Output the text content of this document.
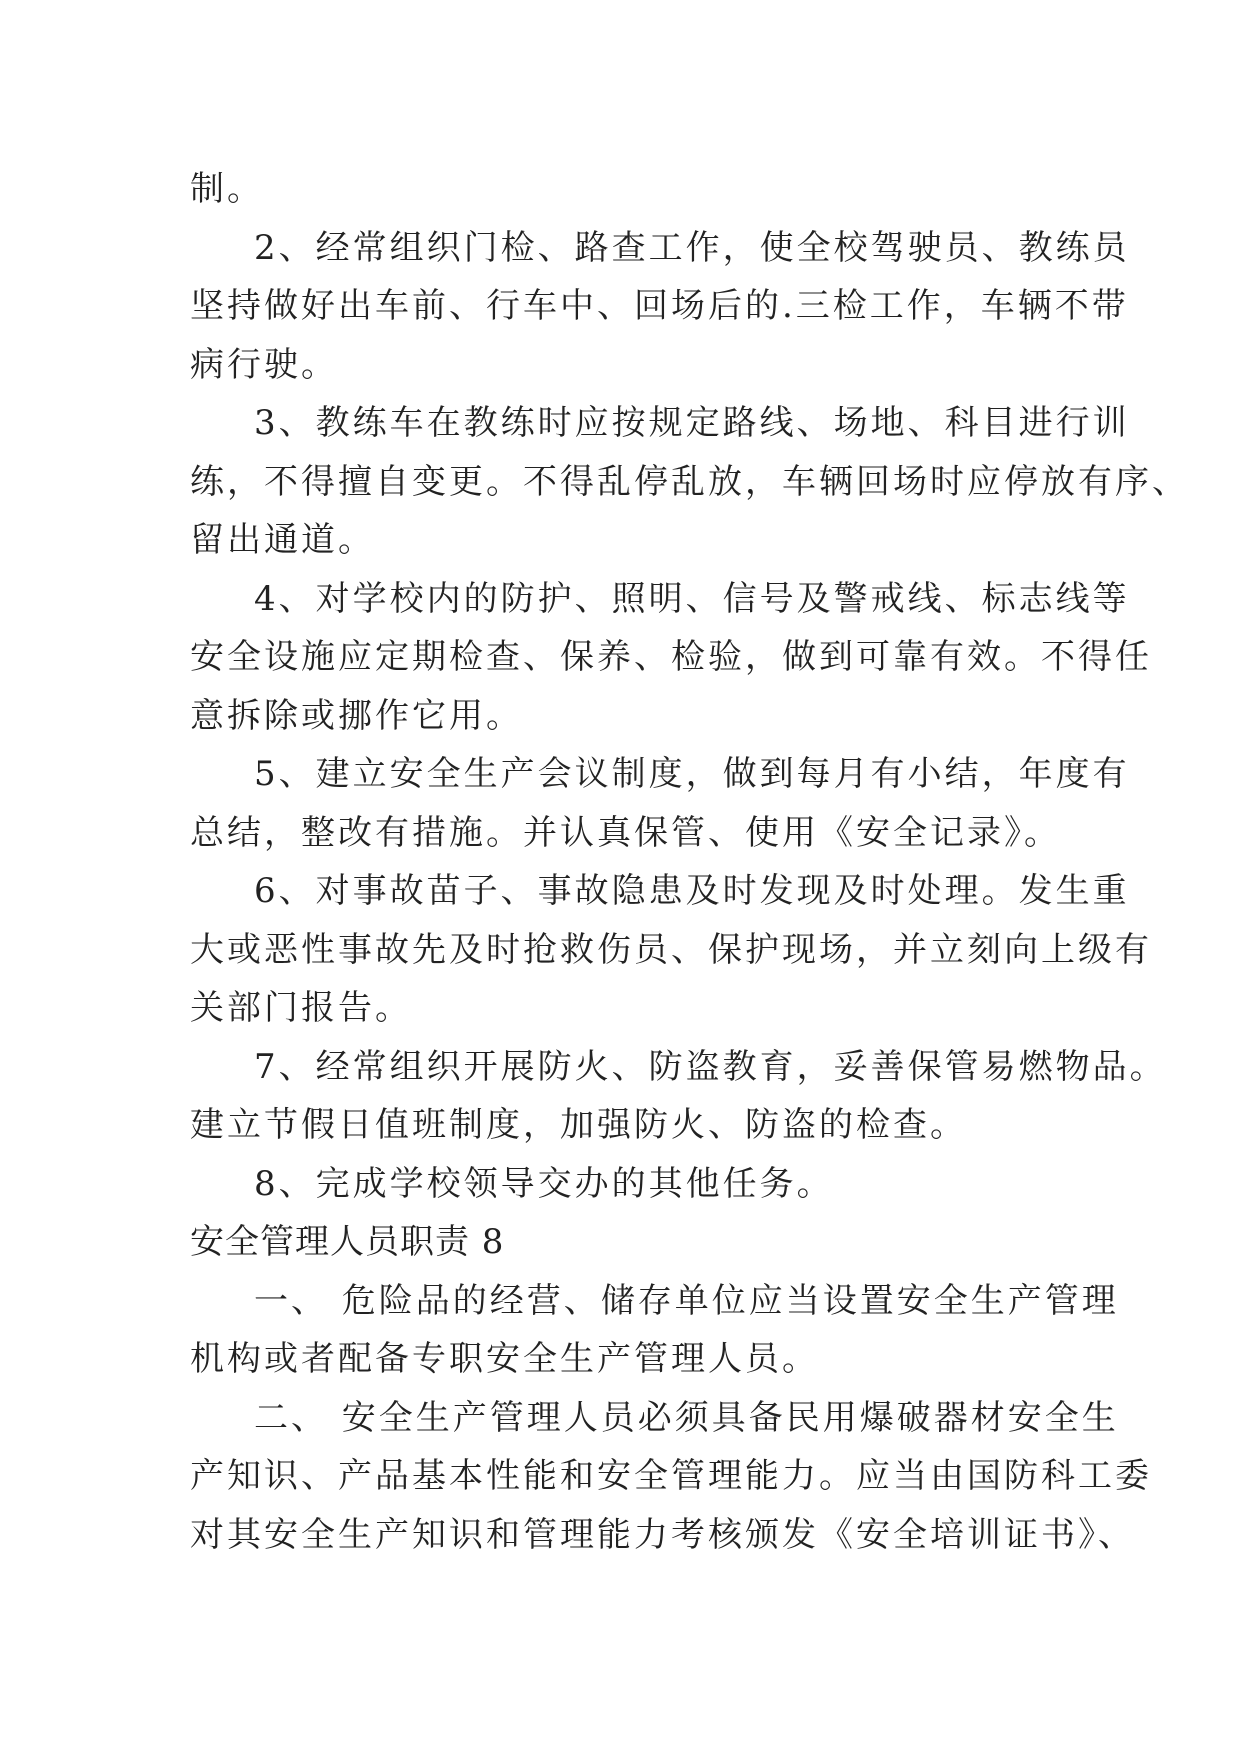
制。
2、经常组织门检、路查工作，使全校驾驶员、教练员
坚持做好出车前、行车中、回场后的.三检工作，车辆不带
病行驶。
3、教练车在教练时应按规定路线、场地、科目进行训
练，不得擅自变更。不得乱停乱放，车辆回场时应停放有序、
留出通道。
4、对学校内的防护、照明、信号及警戒线、标志线等
安全设施应定期检查、保养、检验，做到可靠有效。不得任
意拆除或挪作它用。
5、建立安全生产会议制度，做到每月有小结，年度有
总结，整改有措施。并认真保管、使用《安全记录》。
6、对事故苗子、事故隐患及时发现及时处理。发生重
大或恶性事故先及时抢救伤员、保护现场，并立刻向上级有
关部门报告。
7、经常组织开展防火、防盗教育，妥善保管易燃物品。
建立节假日值班制度，加强防火、防盗的检查。
8、完成学校领导交办的其他任务。
安全管理人员职责 8
一、 危险品的经营、储存单位应当设置安全生产管理
机构或者配备专职安全生产管理人员。
二、 安全生产管理人员必须具备民用爆破器材安全生
产知识、产品基本性能和安全管理能力。应当由国防科工委
对其安全生产知识和管理能力考核颁发《安全培训证书》、
